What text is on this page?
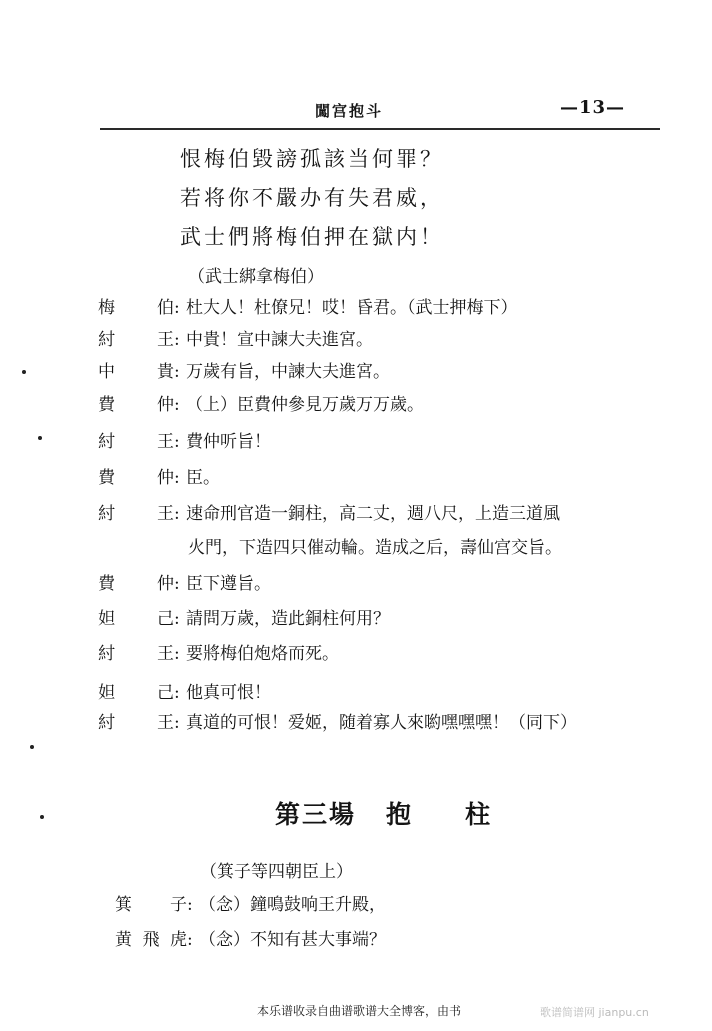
闖宫抱斗	—13—
恨梅伯毀謗孤該当何罪？
若将你不嚴办有失君威，
武士們將梅伯押在獄内！
（武士綁拿梅伯）
梅伯: 杜大人！杜僚兄！哎！昏君。（武士押梅下）
紂王: 中貴！宣中諫大夫進宮。
中貴: 万歲有旨，中諫大夫進宮。
費仲: （上）臣費仲參見万歲万万歲。
紂王: 費仲听旨！
費仲: 臣。
紂王: 速命刑官造一銅柱，高二丈，週八尺，上造三道風
火門，下造四只催动輪。造成之后，壽仙宫交旨。
費仲: 臣下遵旨。
妲己: 請問万歲，造此銅柱何用？
紂王: 要將梅伯炮烙而死。
妲己: 他真可恨！
紂王: 真道的可恨！爱姬，随着寡人來喲嘿嘿嘿！（同下）
第三場 抱 柱
（箕子等四朝臣上）
箕子: （念）鐘鳴鼓响王升殿，
黄飛虎: （念）不知有甚大事端？
本乐谱收录自曲谱歌谱大全博客，由书	歌谱简谱网 jianpu.cn
